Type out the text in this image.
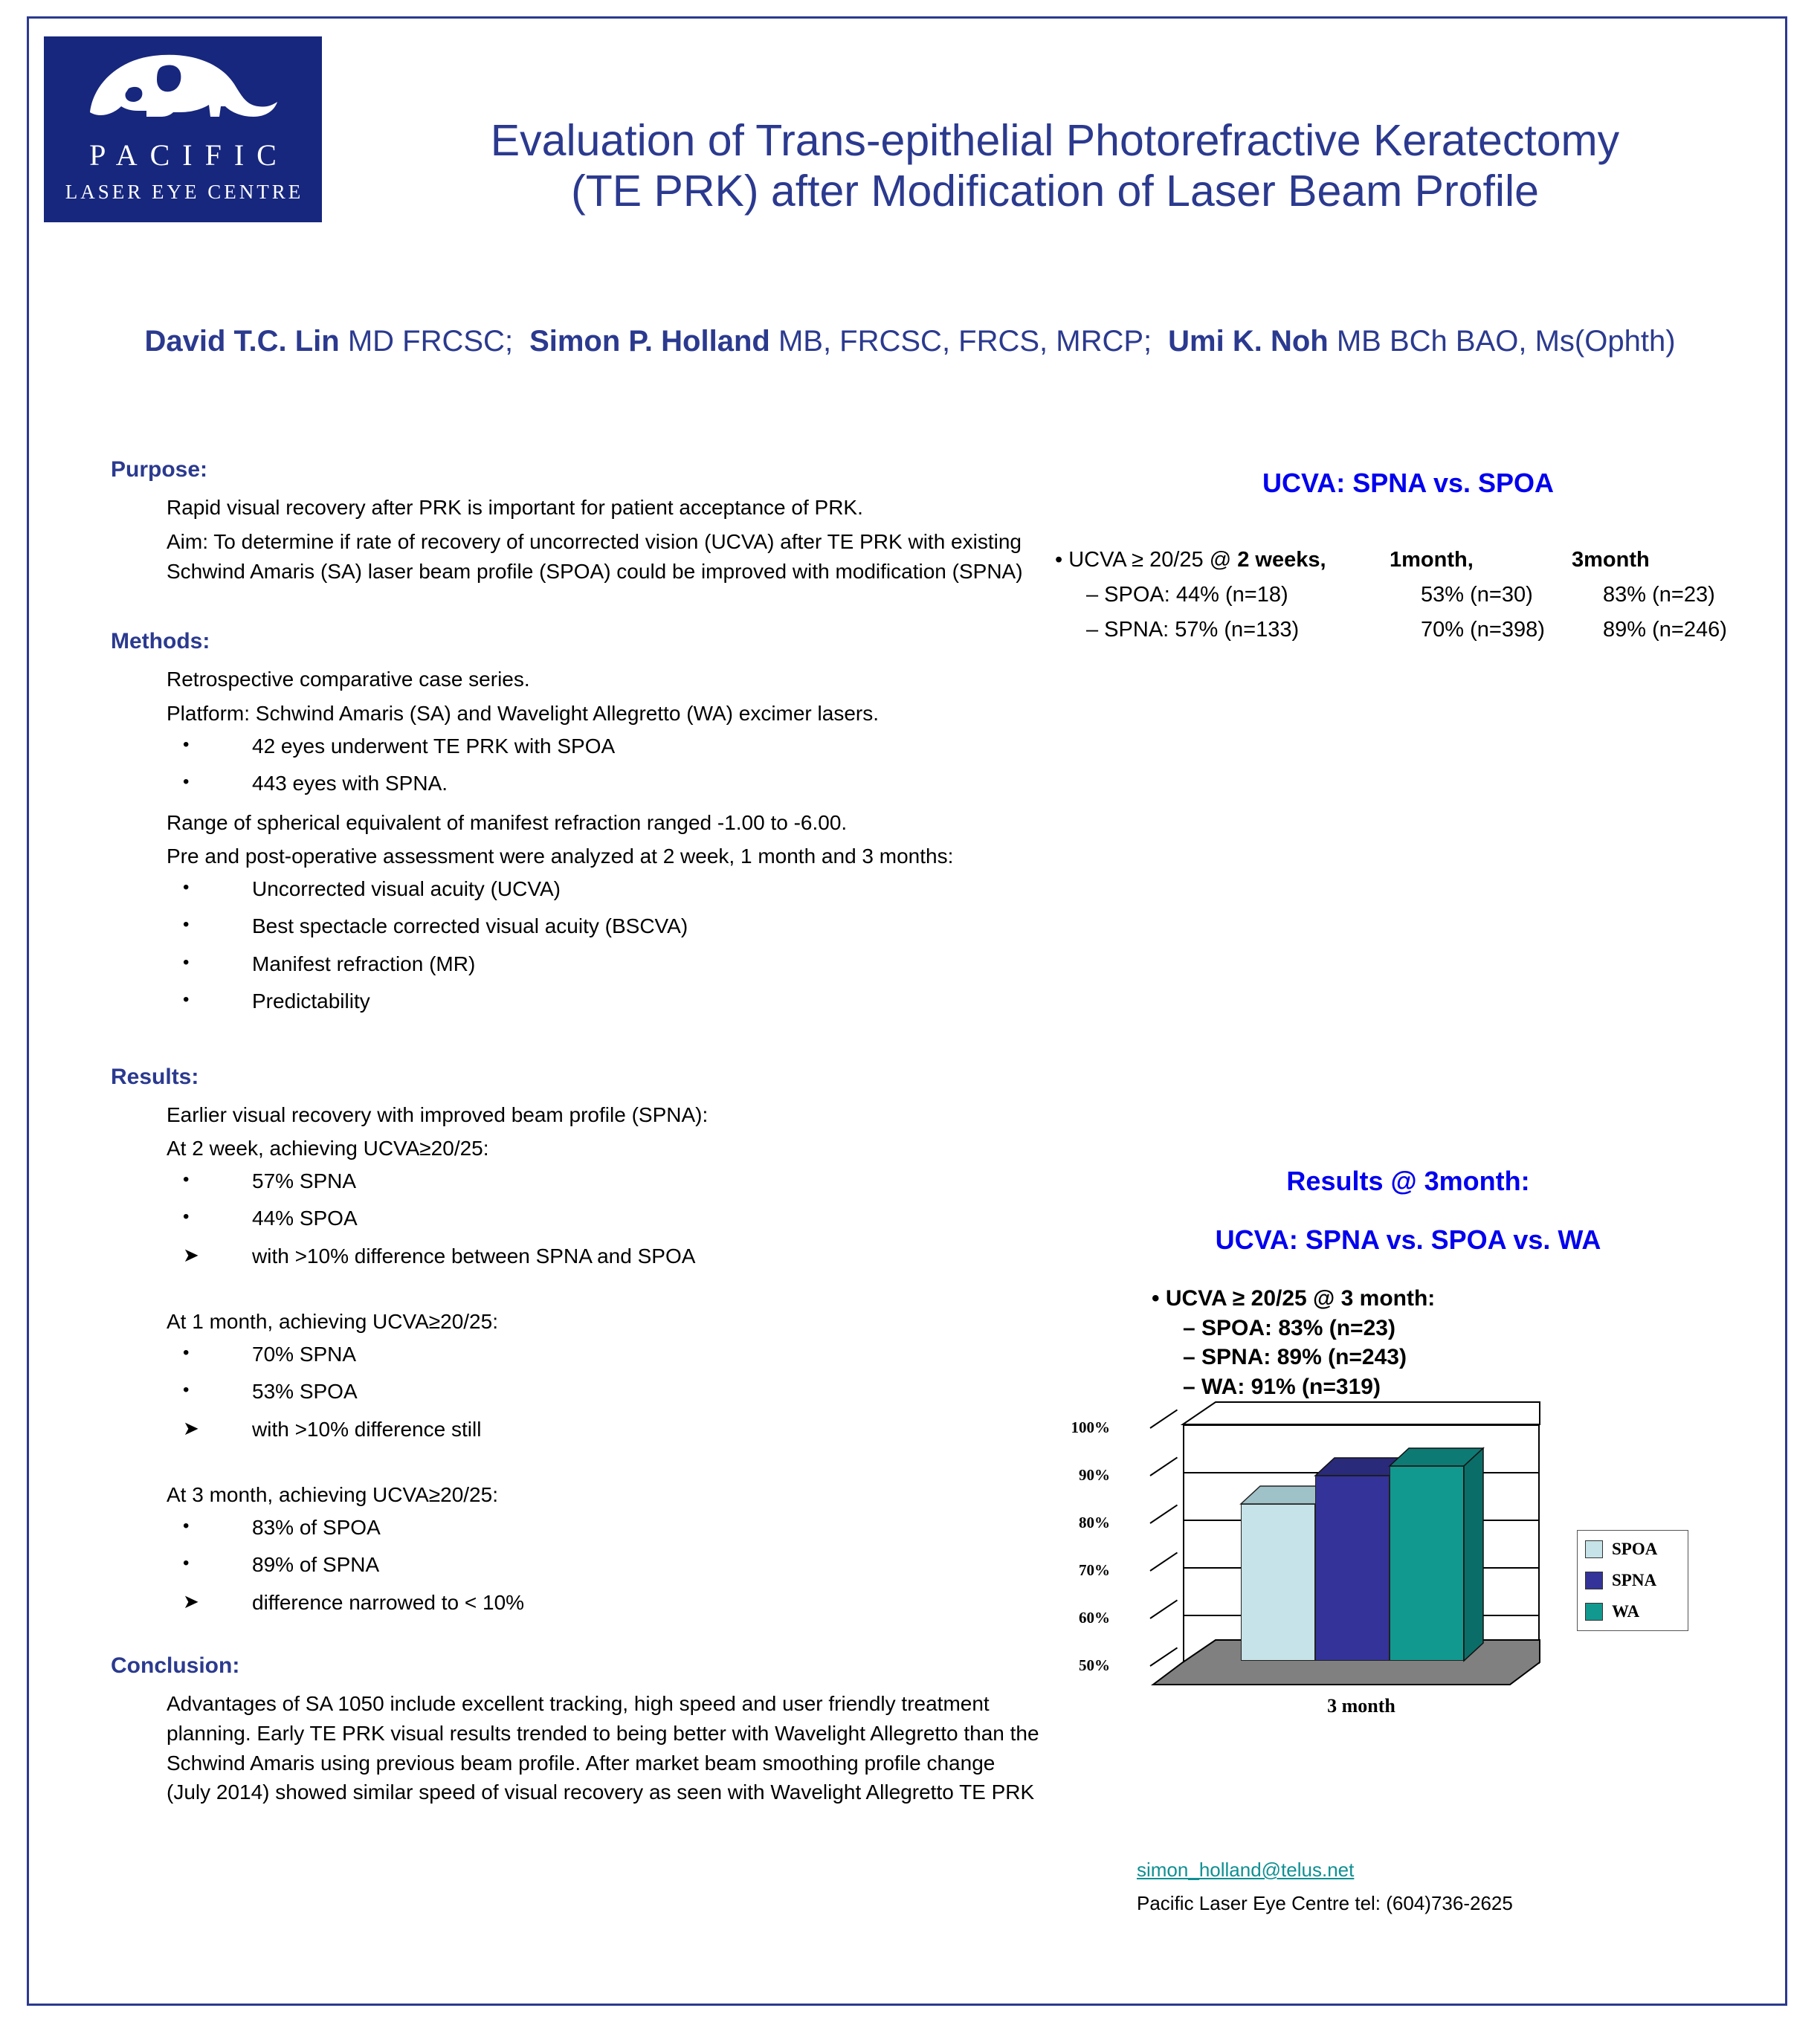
PACIFIC
LASER EYE CENTRE
Evaluation of Trans-epithelial Photorefractive Keratectomy
(TE PRK) after Modification of Laser Beam Profile
David T.C. Lin MD FRCSC; Simon P. Holland MB, FRCSC, FRCS, MRCP; Umi K. Noh MB BCh BAO, Ms(Ophth)
Purpose:

Rapid visual recovery after PRK is important for patient acceptance of PRK.

Aim: To determine if rate of recovery of uncorrected vision (UCVA) after TE PRK with existing Schwind Amaris (SA) laser beam profile (SPOA) could be improved with modification (SPNA)

Methods:

Retrospective comparative case series.

Platform: Schwind Amaris (SA) and Wavelight Allegretto (WA) excimer lasers.

•	42 eyes underwent TE PRK with SPOA
•	443 eyes with SPNA.

Range of spherical equivalent of manifest refraction ranged -1.00 to -6.00.

Pre and post-operative assessment were analyzed at 2 week, 1 month and 3 months:

•	Uncorrected visual acuity (UCVA)
•	Best spectacle corrected visual acuity (BSCVA)
•	Manifest refraction (MR)
•	Predictability
Results:

Earlier visual recovery with improved beam profile (SPNA):

At 2 week, achieving UCVA≥20/25:

•	57% SPNA
•	44% SPOA
➤	with >10% difference between SPNA and SPOA

At 1 month, achieving UCVA≥20/25:

•	70% SPNA
•	53% SPOA
➤	with >10% difference still

At 3 month, achieving UCVA≥20/25:

•	83% of SPOA
•	89% of SPNA
➤	difference narrowed to < 10%
Conclusion:

Advantages of SA 1050 include excellent tracking, high speed and user friendly treatment planning. Early TE PRK visual results trended to being better with Wavelight Allegretto than the Schwind Amaris using previous beam profile. After market beam smoothing profile change (July 2014) showed similar speed of visual recovery as seen with Wavelight Allegretto TE PRK

UCVA: SPNA vs. SPOA
• UCVA ≥ 20/25 @ 2 weeks,	1month,	3month
– SPOA: 44% (n=18)	53% (n=30)	83% (n=23)
– SPNA: 57% (n=133)	70% (n=398)	89% (n=246)
Results @ 3month:
UCVA: SPNA vs. SPOA vs. WA
• UCVA ≥ 20/25 @ 3 month:
– SPOA: 83% (n=23)
– SPNA: 89% (n=243)
– WA: 91% (n=319)
100%
90%
80%
70%
60%
50%
3 month
SPOA
SPNA
WA
simon_holland@telus.net
Pacific Laser Eye Centre tel: (604)736-2625
